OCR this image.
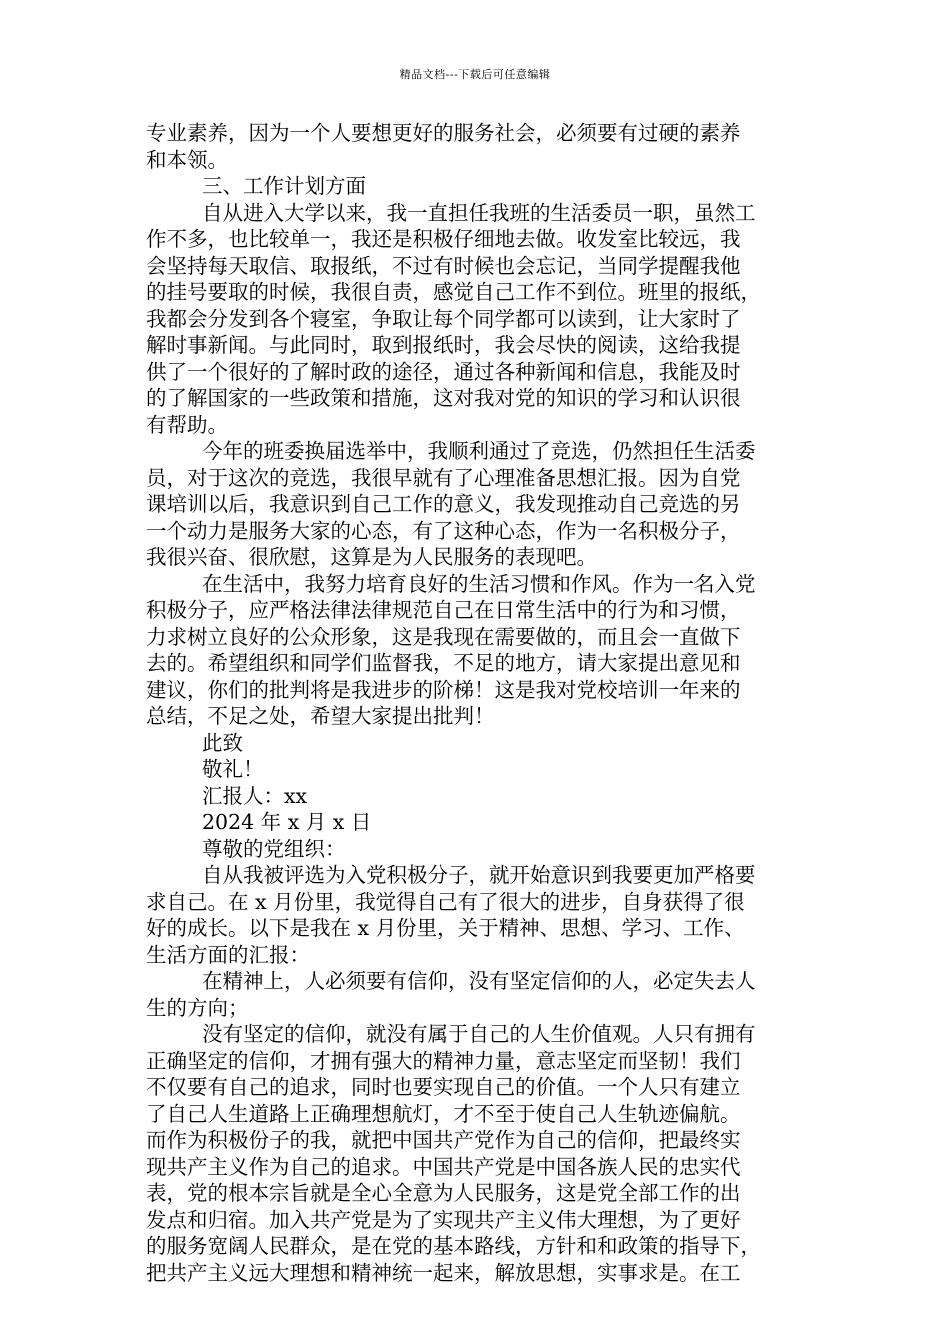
精品文档---下载后可任意编辑
专业素养，因为一个人要想更好的服务社会，必须要有过硬的素养
和本领。
三、工作计划方面
自从进入大学以来，我一直担任我班的生活委员一职，虽然工
作不多，也比较单一，我还是积极仔细地去做。收发室比较远，我
会坚持每天取信、取报纸，不过有时候也会忘记，当同学提醒我他
的挂号要取的时候，我很自责，感觉自己工作不到位。班里的报纸，
我都会分发到各个寝室，争取让每个同学都可以读到，让大家时了
解时事新闻。与此同时，取到报纸时，我会尽快的阅读，这给我提
供了一个很好的了解时政的途径，通过各种新闻和信息，我能及时
的了解国家的一些政策和措施，这对我对党的知识的学习和认识很
有帮助。
今年的班委换届选举中，我顺利通过了竞选，仍然担任生活委
员，对于这次的竞选，我很早就有了心理准备思想汇报。因为自党
课培训以后，我意识到自己工作的意义，我发现推动自己竞选的另
一个动力是服务大家的心态，有了这种心态，作为一名积极分子，
我很兴奋、很欣慰，这算是为人民服务的表现吧。
在生活中，我努力培育良好的生活习惯和作风。作为一名入党
积极分子，应严格法律法律规范自己在日常生活中的行为和习惯，
力求树立良好的公众形象，这是我现在需要做的，而且会一直做下
去的。希望组织和同学们监督我，不足的地方，请大家提出意见和
建议，你们的批判将是我进步的阶梯！这是我对党校培训一年来的
总结，不足之处，希望大家提出批判！
此致
敬礼！
汇报人：xx
2024 年 x 月 x 日
尊敬的党组织：
自从我被评选为入党积极分子，就开始意识到我要更加严格要
求自己。在 x 月份里，我觉得自己有了很大的进步，自身获得了很
好的成长。以下是我在 x 月份里，关于精神、思想、学习、工作、
生活方面的汇报：
在精神上，人必须要有信仰，没有坚定信仰的人，必定失去人
生的方向；
没有坚定的信仰，就没有属于自己的人生价值观。人只有拥有
正确坚定的信仰，才拥有强大的精神力量，意志坚定而坚韧！我们
不仅要有自己的追求，同时也要实现自己的价值。一个人只有建立
了自己人生道路上正确理想航灯，才不至于使自己人生轨迹偏航。
而作为积极份子的我，就把中国共产党作为自己的信仰，把最终实
现共产主义作为自己的追求。中国共产党是中国各族人民的忠实代
表，党的根本宗旨就是全心全意为人民服务，这是党全部工作的出
发点和归宿。加入共产党是为了实现共产主义伟大理想，为了更好
的服务宽阔人民群众，是在党的基本路线，方针和和政策的指导下，
把共产主义远大理想和精神统一起来，解放思想，实事求是。在工
